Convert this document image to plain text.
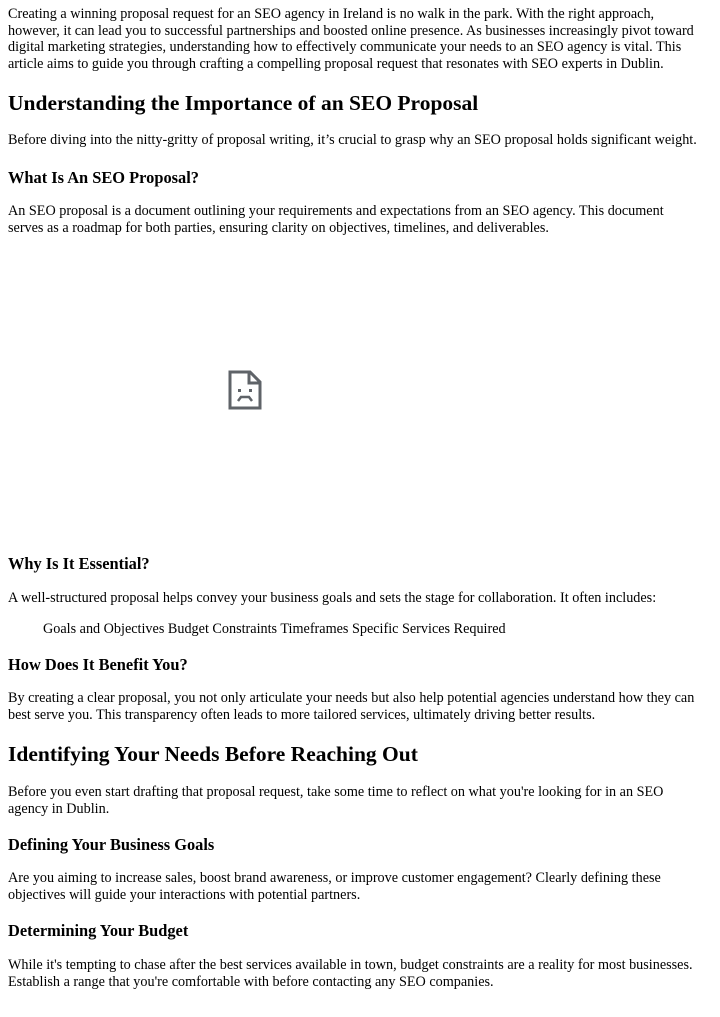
Creating a winning proposal request for an SEO agency in Ireland is no walk in the park. With the right approach,
however, it can lead you to successful partnerships and boosted online presence. As businesses increasingly pivot toward
digital marketing strategies, understanding how to effectively communicate your needs to an SEO agency is vital. This
article aims to guide you through crafting a compelling proposal request that resonates with SEO experts in Dublin.

Understanding the Importance of an SEO Proposal

Before diving into the nitty-gritty of proposal writing, it’s crucial to grasp why an SEO proposal holds significant weight.

What Is An SEO Proposal?

An SEO proposal is a document outlining your requirements and expectations from an SEO agency. This document
serves as a roadmap for both parties, ensuring clarity on objectives, timelines, and deliverables.

Why Is It Essential?

A well-structured proposal helps convey your business goals and sets the stage for collaboration. It often includes:

Goals and Objectives Budget Constraints Timeframes Specific Services Required

How Does It Benefit You?

By creating a clear proposal, you not only articulate your needs but also help potential agencies understand how they can
best serve you. This transparency often leads to more tailored services, ultimately driving better results.

Identifying Your Needs Before Reaching Out

Before you even start drafting that proposal request, take some time to reflect on what you're looking for in an SEO
agency in Dublin.

Defining Your Business Goals

Are you aiming to increase sales, boost brand awareness, or improve customer engagement? Clearly defining these
objectives will guide your interactions with potential partners.

Determining Your Budget

While it's tempting to chase after the best services available in town, budget constraints are a reality for most businesses.
Establish a range that you're comfortable with before contacting any SEO companies.
